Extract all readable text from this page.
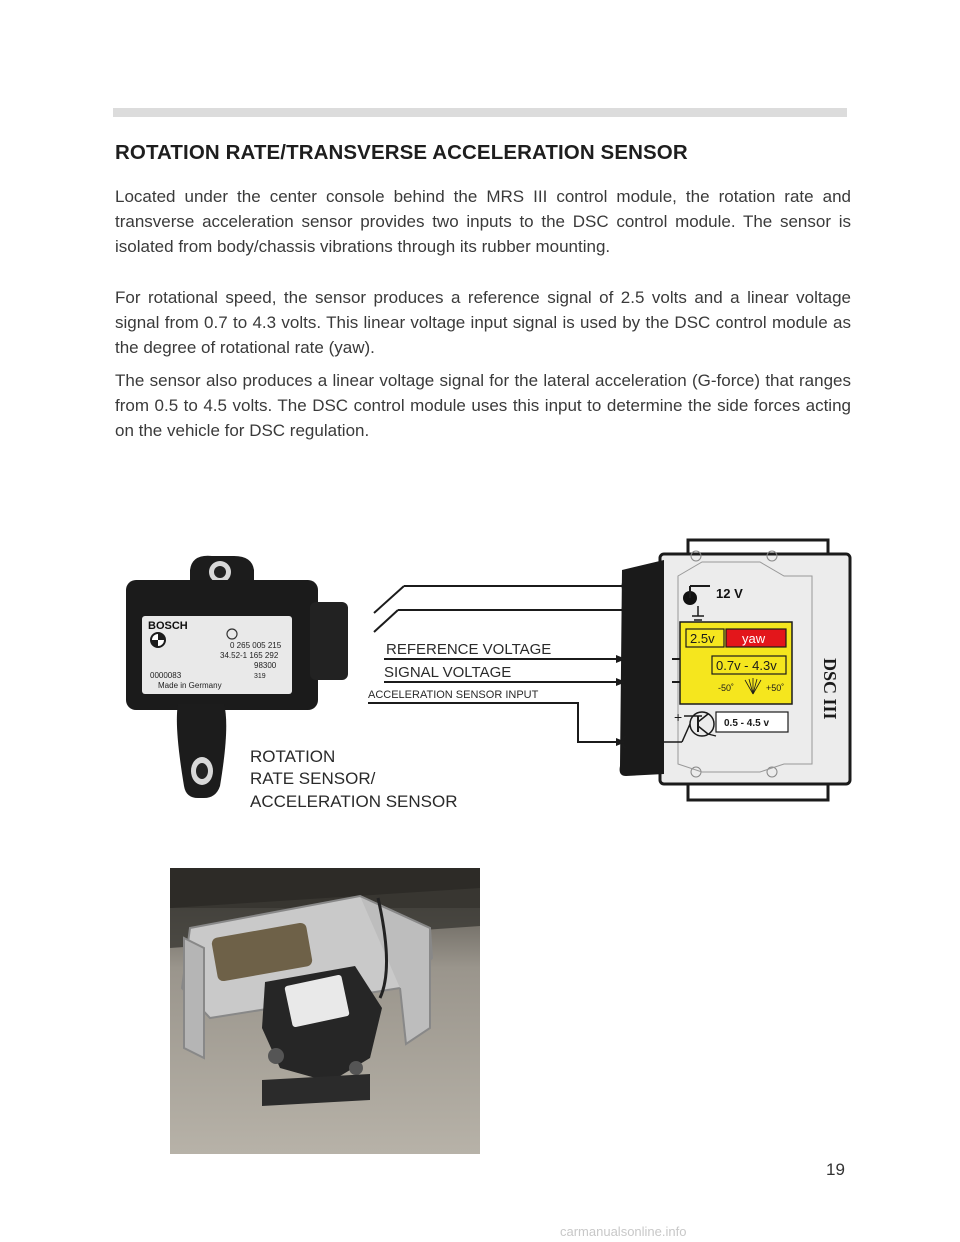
ROTATION RATE/TRANSVERSE ACCELERATION SENSOR

Located under the center console behind the MRS III control module, the rotation rate and transverse acceleration sensor provides two inputs to the DSC control module. The sensor is isolated from body/chassis vibrations through its rubber mounting.

For rotational speed, the sensor produces a reference signal of 2.5 volts and a linear voltage signal from 0.7 to 4.3 volts. This linear voltage input signal is used by the DSC control module as the degree of rotational rate (yaw).

The sensor also produces a linear voltage signal for the lateral acceleration (G-force) that ranges from 0.5 to 4.5 volts. The DSC control module uses this input to determine the side forces acting on the vehicle for DSC regulation.

BOSCH
0 265 005 215
34.52-1 165 292
98300
0000083	319
Made in Germany
ROTATION
RATE SENSOR/
ACCELERATION SENSOR
REFERENCE VOLTAGE
SIGNAL VOLTAGE
ACCELERATION SENSOR INPUT
12 V
DSC III
2.5v yaw
0.7v - 4.3v
-50˚	+50˚
+	0.5 - 4.5 v
19
carmanualsonline.info
